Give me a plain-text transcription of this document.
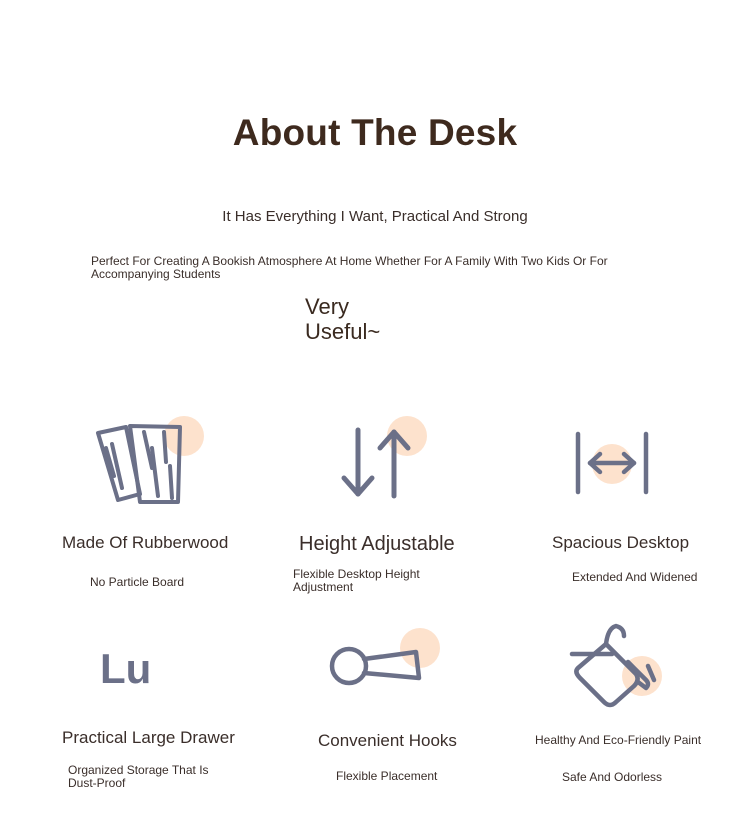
About The Desk
It Has Everything I Want, Practical And Strong
Perfect For Creating A Bookish Atmosphere At Home Whether For A Family With Two Kids Or For Accompanying Students
Very
Useful~
Made Of Rubberwood
No Particle Board
Height Adjustable
Flexible Desktop Height Adjustment
Spacious Desktop
Extended And Widened
Lu
Practical Large Drawer
Organized Storage That Is Dust-Proof
Convenient Hooks
Flexible Placement
Healthy And Eco-Friendly Paint
Safe And Odorless
